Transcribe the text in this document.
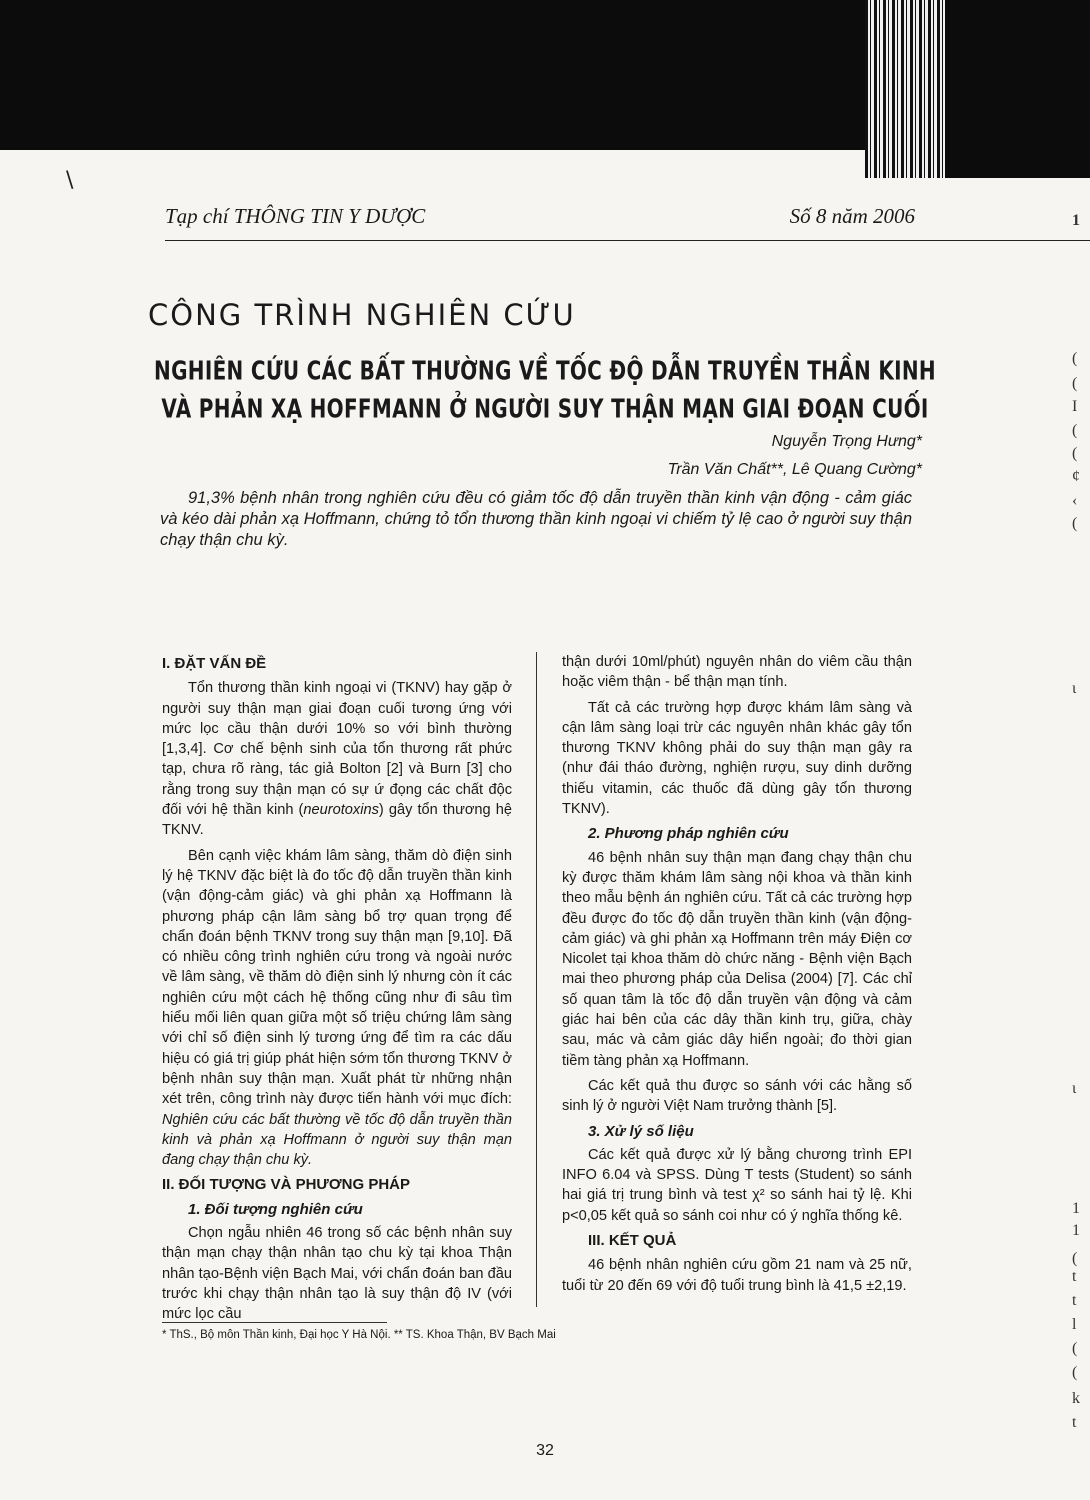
\
1
(
(
I
(
(
¢
‹
(
ι
ι
1
1
(
t
t
l
(
(
k
t
Tạp chí THÔNG TIN Y DƯỢC	Số 8 năm 2006
CÔNG TRÌNH NGHIÊN CỨU
NGHIÊN CỨU CÁC BẤT THƯỜNG VỀ TỐC ĐỘ DẪN TRUYỀN THẦN KINH
VÀ PHẢN XẠ HOFFMANN Ở NGƯỜI SUY THẬN MẠN GIAI ĐOẠN CUỐI
Nguyễn Trọng Hưng*
Trần Văn Chất**, Lê Quang Cường*

91,3% bệnh nhân trong nghiên cứu đều có giảm tốc độ dẫn truyền thần kinh vận động - cảm giác và kéo dài phản xạ Hoffmann, chứng tỏ tổn thương thần kinh ngoại vi chiếm tỷ lệ cao ở người suy thận chạy thận chu kỳ.

I. ĐẶT VẤN ĐỀ

Tổn thương thần kinh ngoại vi (TKNV) hay gặp ở người suy thận mạn giai đoạn cuối tương ứng với mức lọc cầu thận dưới 10% so với bình thường [1,3,4]. Cơ chế bệnh sinh của tổn thương rất phức tạp, chưa rõ ràng, tác giả Bolton [2] và Burn [3] cho rằng trong suy thận mạn có sự ứ đọng các chất độc đối với hệ thần kinh (neurotoxins) gây tổn thương hệ TKNV.

Bên cạnh việc khám lâm sàng, thăm dò điện sinh lý hệ TKNV đặc biệt là đo tốc độ dẫn truyền thần kinh (vận động-cảm giác) và ghi phản xạ Hoffmann là phương pháp cận lâm sàng bổ trợ quan trọng để chẩn đoán bệnh TKNV trong suy thận mạn [9,10]. Đã có nhiều công trình nghiên cứu trong và ngoài nước về lâm sàng, về thăm dò điện sinh lý nhưng còn ít các nghiên cứu một cách hệ thống cũng như đi sâu tìm hiểu mối liên quan giữa một số triệu chứng lâm sàng với chỉ số điện sinh lý tương ứng để tìm ra các dấu hiệu có giá trị giúp phát hiện sớm tổn thương TKNV ở bệnh nhân suy thận mạn. Xuất phát từ những nhận xét trên, công trình này được tiến hành với mục đích: Nghiên cứu các bất thường về tốc độ dẫn truyền thần kinh và phản xạ Hoffmann ở người suy thận mạn đang chạy thận chu kỳ.

II. ĐỐI TƯỢNG VÀ PHƯƠNG PHÁP
1. Đối tượng nghiên cứu

Chọn ngẫu nhiên 46 trong số các bệnh nhân suy thận mạn chạy thận nhân tạo chu kỳ tại khoa Thận nhân tạo-Bệnh viện Bạch Mai, với chẩn đoán ban đầu trước khi chạy thận nhân tạo là suy thận độ IV (với mức lọc cầu

thận dưới 10ml/phút) nguyên nhân do viêm cầu thận hoặc viêm thận - bể thận mạn tính.

Tất cả các trường hợp được khám lâm sàng và cận lâm sàng loại trừ các nguyên nhân khác gây tổn thương TKNV không phải do suy thận mạn gây ra (như đái tháo đường, nghiện rượu, suy dinh dưỡng thiếu vitamin, các thuốc đã dùng gây tổn thương TKNV).

2. Phương pháp nghiên cứu

46 bệnh nhân suy thận mạn đang chạy thận chu kỳ được thăm khám lâm sàng nội khoa và thần kinh theo mẫu bệnh án nghiên cứu. Tất cả các trường hợp đều được đo tốc độ dẫn truyền thần kinh (vận động-cảm giác) và ghi phản xạ Hoffmann trên máy Điện cơ Nicolet tại khoa thăm dò chức năng - Bệnh viện Bạch mai theo phương pháp của Delisa (2004) [7]. Các chỉ số quan tâm là tốc độ dẫn truyền vận động và cảm giác hai bên của các dây thần kinh trụ, giữa, chày sau, mác và cảm giác dây hiển ngoài; đo thời gian tiềm tàng phản xạ Hoffmann.

Các kết quả thu được so sánh với các hằng số sinh lý ở người Việt Nam trưởng thành [5].

3. Xử lý số liệu

Các kết quả được xử lý bằng chương trình EPI INFO 6.04 và SPSS. Dùng T tests (Student) so sánh hai giá trị trung bình và test χ² so sánh hai tỷ lệ. Khi p<0,05 kết quả so sánh coi như có ý nghĩa thống kê.

III. KẾT QUẢ

46 bệnh nhân nghiên cứu gồm 21 nam và 25 nữ, tuổi từ 20 đến 69 với độ tuổi trung bình là 41,5 ±2,19.

* ThS., Bộ môn Thần kinh, Đại học Y Hà Nội. ** TS. Khoa Thận, BV Bạch Mai
32
